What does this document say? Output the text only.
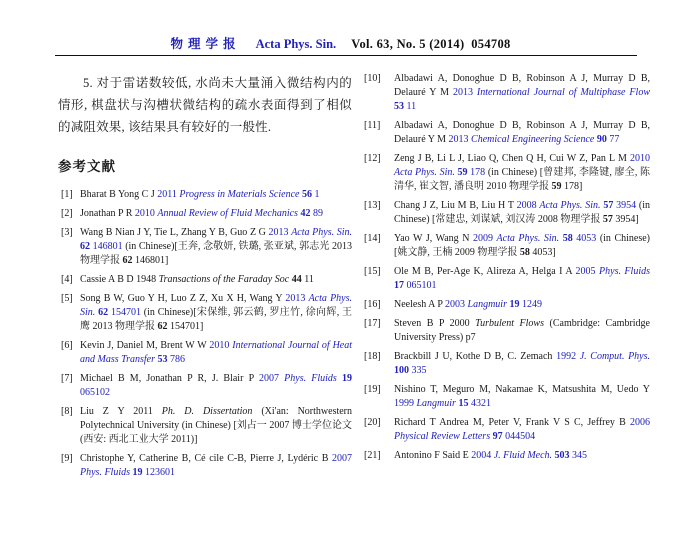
物理学报 Acta Phys. Sin. Vol. 63, No. 5 (2014)  054708

5. 对于雷诺数较低, 水尚未大量涌入微结构内的情形, 棋盘状与沟槽状微结构的疏水表面得到了相似的减阻效果, 该结果具有较好的一般性.

参考文献
[1] Bharat B Yong C J 2011 Progress in Materials Science 56 1
[2] Jonathan P R 2010 Annual Review of Fluid Mechanics 42 89
[3] Wang B Nian J Y, Tie L, Zhang Y B, Guo Z G 2013 Acta Phys. Sin. 62 146801 (in Chinese)[王奔, 念敬妍, 铁璐, 张亚斌, 郭志光 2013 物理学报 62 146801]
[4] Cassie A B D 1948 Transactions of the Faraday Soc 44 11
[5] Song B W, Guo Y H, Luo Z Z, Xu X H, Wang Y 2013 Acta Phys. Sin. 62 154701 (in Chinese)[宋保维, 郭云鹤, 罗庄竹, 徐向辉, 王鹰 2013 物理学报 62 154701]
[6] Kevin J, Daniel M, Brent W W 2010 International Journal of Heat and Mass Transfer 53 786
[7] Michael B M, Jonathan P R, J. Blair P 2007 Phys. Fluids 19 065102
[8] Liu Z Y 2011 Ph. D. Dissertation (Xi'an: Northwestern Polytechnical University (in Chinese) [刘占一 2007 博士学位论文 (西安: 西北工业大学 2011)]
[9] Christophe Y, Catherine B, Cé cile C-B, Pierre J, Lydéric B 2007 Phys. Fluids 19 123601
[10]	Albadawi A, Donoghue D B, Robinson A J, Murray D B, Delauré Y M 2013 International Journal of Multiphase Flow 53 11
[11]	Albadawi A, Donoghue D B, Robinson A J, Murray D B, Delauré Y M 2013 Chemical Engineering Science 90 77
[12]	Zeng J B, Li L J, Liao Q, Chen Q H, Cui W Z, Pan L M 2010 Acta Phys. Sin. 59 178 (in Chinese) [曾建邦, 李隆键, 廖全, 陈清华, 崔文智, 潘良明 2010 物理学报 59 178]
[13]	Chang J Z, Liu M B, Liu H T 2008 Acta Phys. Sin. 57 3954 (in Chinese) [常建忠, 刘谋斌, 刘汉涛 2008 物理学报 57 3954]
[14]	Yao W J, Wang N 2009 Acta Phys. Sin. 58 4053 (in Chinese) [姚文静, 王楠 2009 物理学报 58 4053]
[15]	Ole M B, Per-Age K, Alireza A, Helga I A 2005 Phys. Fluids 17 065101
[16]	Neelesh A P 2003 Langmuir 19 1249
[17]	Steven B P 2000 Turbulent Flows (Cambridge: Cambridge University Press) p7
[18]	Brackbill J U, Kothe D B, C. Zemach 1992 J. Comput. Phys. 100 335
[19]	Nishino T, Meguro M, Nakamae K, Matsushita M, Uedo Y 1999 Langmuir 15 4321
[20]	Richard T Andrea M, Peter V, Frank V S C, Jeffrey B 2006 Physical Review Letters 97 044504
[21]	Antonino F Said E 2004 J. Fluid Mech. 503 345
